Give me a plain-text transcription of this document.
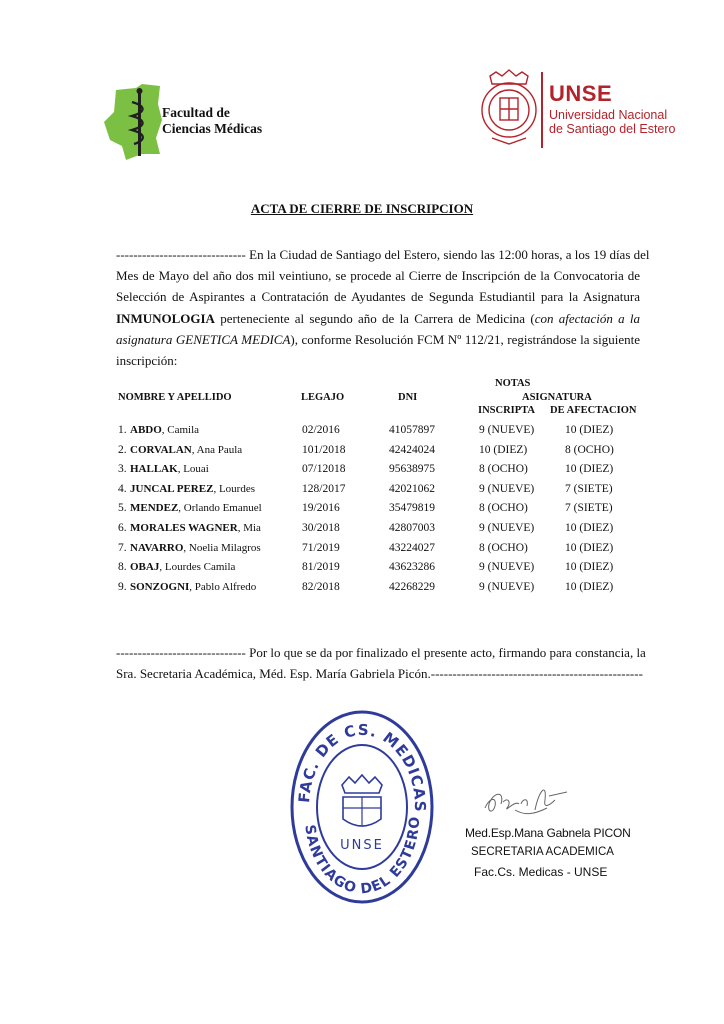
Facultad de
Ciencias Médicas
UNSE
Universidad Nacional
de Santiago del Estero
ACTA DE CIERRE DE INSCRIPCION
------------------------------ En la Ciudad de Santiago del Estero, siendo las 12:00 horas, a los 19 días del
Mes de Mayo del año dos mil veintiuno, se procede al Cierre de Inscripción de la Convocatoria de
Selección de Aspirantes a Contratación de Ayudantes de Segunda Estudiantil para la Asignatura
INMUNOLOGIA perteneciente al segundo año de la Carrera de Medicina (con afectación a la
asignatura GENETICA MEDICA), conforme Resolución FCM Nº 112/21, registrándose la siguiente
inscripción:
NOTAS
NOMBRE Y APELLIDO	LEGAJO	DNI	ASIGNATURA
INSCRIPTA DE AFECTACION
1. ABDO, Camila	02/2016	41057897	9 (NUEVE)	10 (DIEZ)
2. CORVALAN, Ana Paula	101/2018	42424024	10 (DIEZ)	8 (OCHO)
3. HALLAK, Louai	07/12018	95638975	8 (OCHO)	10 (DIEZ)
4. JUNCAL PEREZ, Lourdes	128/2017	42021062	9 (NUEVE)	7 (SIETE)
5. MENDEZ, Orlando Emanuel	19/2016	35479819	8 (OCHO)	7 (SIETE)
6. MORALES WAGNER, Mia	30/2018	42807003	9 (NUEVE)	10 (DIEZ)
7. NAVARRO, Noelia Milagros	71/2019	43224027	8 (OCHO)	10 (DIEZ)
8. OBAJ, Lourdes Camila	81/2019	43623286	9 (NUEVE)	10 (DIEZ)
9. SONZOGNI, Pablo Alfredo	82/2018	42268229	9 (NUEVE)	10 (DIEZ)
------------------------------ Por lo que se da por finalizado el presente acto, firmando para constancia, la
Sra. Secretaria Académica, Méd. Esp. María Gabriela Picón.-------------------------------------------------
FAC. DE CS. MEDICAS
SANTIAGO DEL ESTERO
UNSE
Med.Esp.Mana Gabnela PICON
SECRETARIA ACADEMICA
Fac.Cs. Medicas - UNSE
